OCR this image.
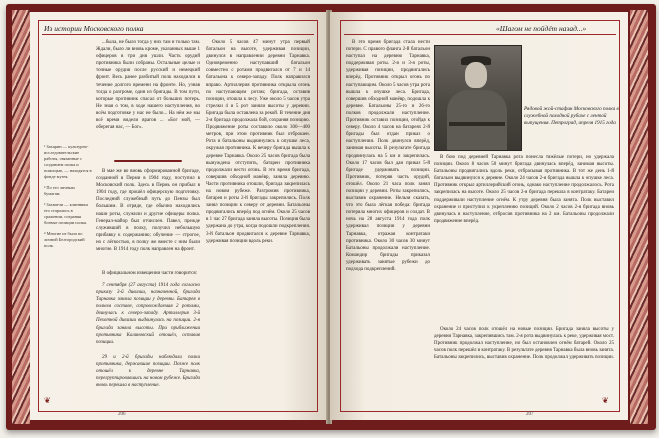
Из истории Московского полка

¹ Захарин — культурно-исследовательские работы, связанные с созданием полка и помощью, — находятся в фонде музея.

² По его личным бумагам.

³ Захватчи — клинники его старались в сражении, сохраняя боевые позиции полка.

⁴ Многие из была по личной Белгородский полк.

...была, не было тогда у них там и только там. Ждали, было ли вновь кроме, указанных выше 1 офицеров в три дня ушли. Часть орудий противника были собраны. Остальные целые и точные орудия после русский и немецкий фронт. Весь ранее разбитый полк находился в течение долгого времени на фронте. Но, узнав тогда о разгроме, один из бригады. В том пути, которые противник спасал от больших потерь. Не зная о том, в ходе нашего наступления, во всём подготовке у нас не было... На нём же мы всё время видели врагов ... «Бог мой, — оберегая нас, — Бог».

В мае же во вновь сформированной бригаде, созданной в Перми в 1904 году, поступил в Московский полк. Здесь в Пермь он прибыл в 1904 году, где прошёл офицерскую подготовку. Последний служебный путь до Пензы был большим. В отряде, где обычно находились наши роты, служили и другие офицеры полка. Генерал-майор был отчислен. Павел, прежде служивший в полку, получил небольшую прибавку к содержанию; обучение — строгое, но с лёгкостью, в полку же вместе с ним были многие. В 1914 году полк направлен на фронт.

В официальном извещении части говорится:

7 сентября (27 августа) 1914 года согласно приказу 3-й дивизии, назначенной, бригада Тарнавка заняла позиции у деревни. Батарея в полном составе, сопровождаемая 2 ротами, двинулась к северо-западу. Артиллерия 3-й Пехотной дивизии выдвинулась на позиции. 2-я бригада заняла высоты. При приближении противника Калиновский отошёл, оставив позиции.

29 и 2-й бригады наблюдали полки противника, державшие позиции. Позже полк отошёл к деревне Тарнавка, перегруппировавшись на новом рубеже. Бригада вновь перешла в наступление.

Около 5 часов 47 минут утра первый батальон на высоте, удерживая позиции, двинулся в направлении деревни Тарнавка. Одновременно наступавший батальон совместно с ротами продвигался от 7 и 14 батальона к северо-западу. Полк направился вправо. Артиллерия противника открыла огонь по наступающим ротам; бригада, оставив позиции, отошла к лесу. Уже около 5 часов утра стрелки 4 и 5 рот заняли высоты у деревни. Бригада была оставлена за рекой. В течение дня 2-я бригада продолжала бой, сохраняя позицию. Продвижение роты составило около 300—400 метров, при этом противник был отброшен. Рота и батальоны выдвинулись к опушке леса, окружая противника. К вечеру бригада вышла к деревне Тарнавка. Около 25 часов бригада была вынуждена отступить, батареи противника продолжали вести огонь. В это время бригада, совершив обходной манёвр, заняла деревню. Части противника отошли, бригада закрепилась на новом рубеже. Разгромив противника, батарея и роты 2-й бригады закрепились. Полк занял позиции к северу от деревни. Батальоны продвигались вперёд под огнём. Около 25 часов в 1 час 27 бригада заняла высоты. Позиция была удержана до утра, когда подошли подкрепления. 3-й батальон продвигался к деревне Тарнавка, удерживая позиции вдоль реки.

❦
206
«Шагом не пойдёт назад...»

В это время бригада стала нести потери. С правого фланга 2-й батальон наступал на деревню Тарнавка, поддерживая роты. 2-я и 3-я роты, удерживая позиции, продвигались вперёд. Противник открыл огонь по наступающим. Около 5 часов утра рота вышла к опушке леса. Бригада, совершив обходной манёвр, подошла к деревне. Батальоны 25-го и 26-го полков продолжали наступление. Противник оставил позиции, отойдя к северу. Около 4 часов на батареях 2-й бригады был отдан приказ о наступлении. Полк двинулся вперёд, занимая высоты. В результате бригада продвинулась на 5 км и закрепилась. Около 17 часов был дан приказ 5-й бригаде удерживать позиции. Противник, потеряв часть орудий, отошёл. Около 21 часа полк занял позиции у деревни. Роты закрепились, выставив охранение. Нельзя сказать, что это была лёгкая победа: бригада потеряла многих офицеров и солдат. В ночь на 28 августа 1914 года полк удерживал позиции у деревни Тарнавка, отражая контратаки противника. Около 30 часов 30 минут Батальоны продолжали наступление. Командир бригады приказал удерживать занятые рубежи до подхода подкреплений.

Рядовой жой-стафин Московского полка в служебной походной рубахе с лентой выпущения. Петроград, апреля 1915 года

В бою под деревней Тарнавка рота понесла тяжёлые потери, но удержала позиции. Около 8 часов 50 минут бригада двинулась вперёд, занимая высоты. Батальоны продвигались вдоль реки, отбрасывая противника. В тот же день 1-й батальон выдвинулся к деревне. Около 24 часов 2-я бригада вышла к опушке леса. Противник открыл артиллерийский огонь, однако наступление продолжалось. Рота закрепилась на высоте. Около 25 часов 2-я бригада перешла в контратаку. Батареи поддерживали наступление огнём. К утру деревня была занята. Полк выставил охранение и приступил к укреплению позиций. Около 2 часов 2-я бригада вновь двинулась в наступление, отбросив противника на 2 км. Батальоны продолжали продвижение вперёд.

Около 24 часов полк отошёл на новые позиции. Бригада заняла высоты у деревни Тарнавка, закрепившись там. 2-я рота выдвинулась к реке, удерживая мост. Противник продолжал наступление, но был остановлен огнём батарей. Около 25 часов полк перешёл в контратаку. В результате деревня Тарнавка была вновь занята. Батальоны закрепились, выставив охранение. Полк продолжал удерживать позиции.

❦
207
